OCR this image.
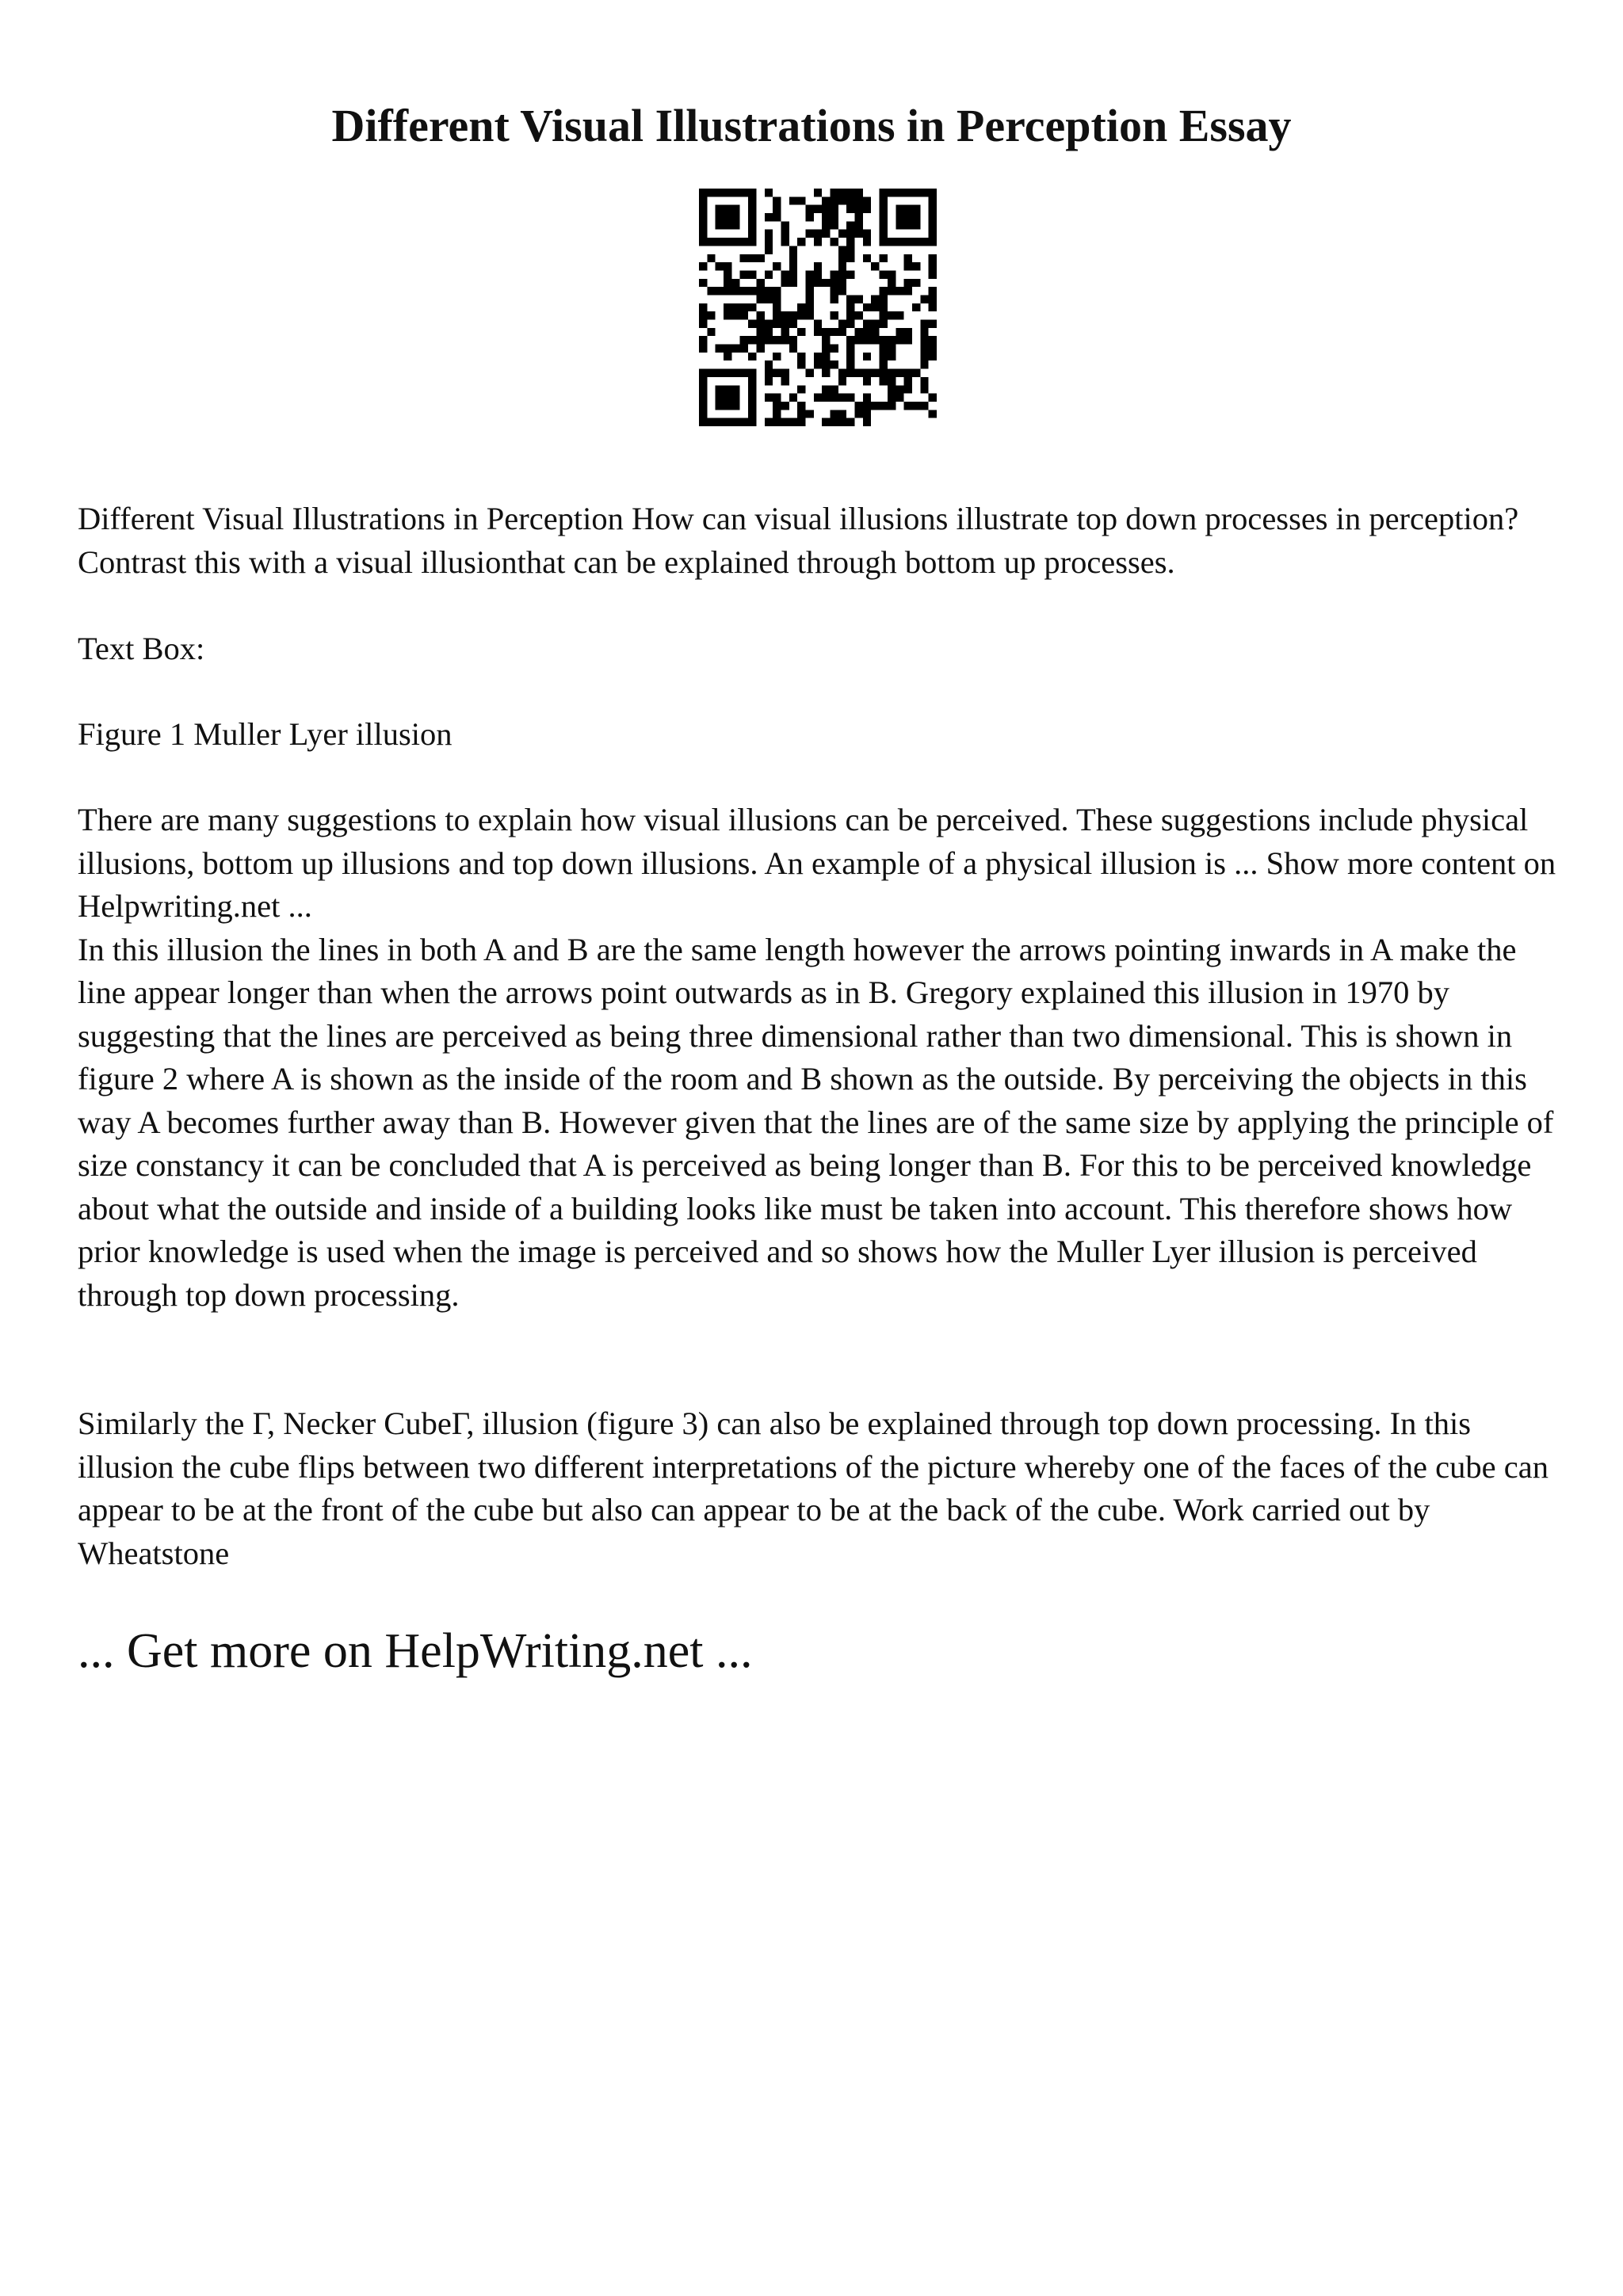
Different Visual Illustrations in Perception Essay

Different Visual Illustrations in Perception How can visual illusions illustrate top down processes in perception? Contrast this with a visual illusionthat can be explained through bottom up processes.

Text Box:

Figure 1 Muller Lyer illusion

There are many suggestions to explain how visual illusions can be perceived. These suggestions include physical illusions, bottom up illusions and top down illusions. An example of a physical illusion is ... Show more content on Helpwriting.net ...
In this illusion the lines in both A and B are the same length however the arrows pointing inwards in A make the line appear longer than when the arrows point outwards as in B. Gregory explained this illusion in 1970 by suggesting that the lines are perceived as being three dimensional rather than two dimensional. This is shown in figure 2 where A is shown as the inside of the room and B shown as the outside. By perceiving the objects in this way A becomes further away than B. However given that the lines are of the same size by applying the principle of size constancy it can be concluded that A is perceived as being longer than B. For this to be perceived knowledge about what the outside and inside of a building looks like must be taken into account. This therefore shows how prior knowledge is used when the image is perceived and so shows how the Muller Lyer illusion is perceived through top down processing.

Similarly the Γ, Necker CubeΓ, illusion (figure 3) can also be explained through top down processing. In this illusion the cube flips between two different interpretations of the picture whereby one of the faces of the cube can appear to be at the front of the cube but also can appear to be at the back of the cube. Work carried out by Wheatstone

... Get more on HelpWriting.net ...
